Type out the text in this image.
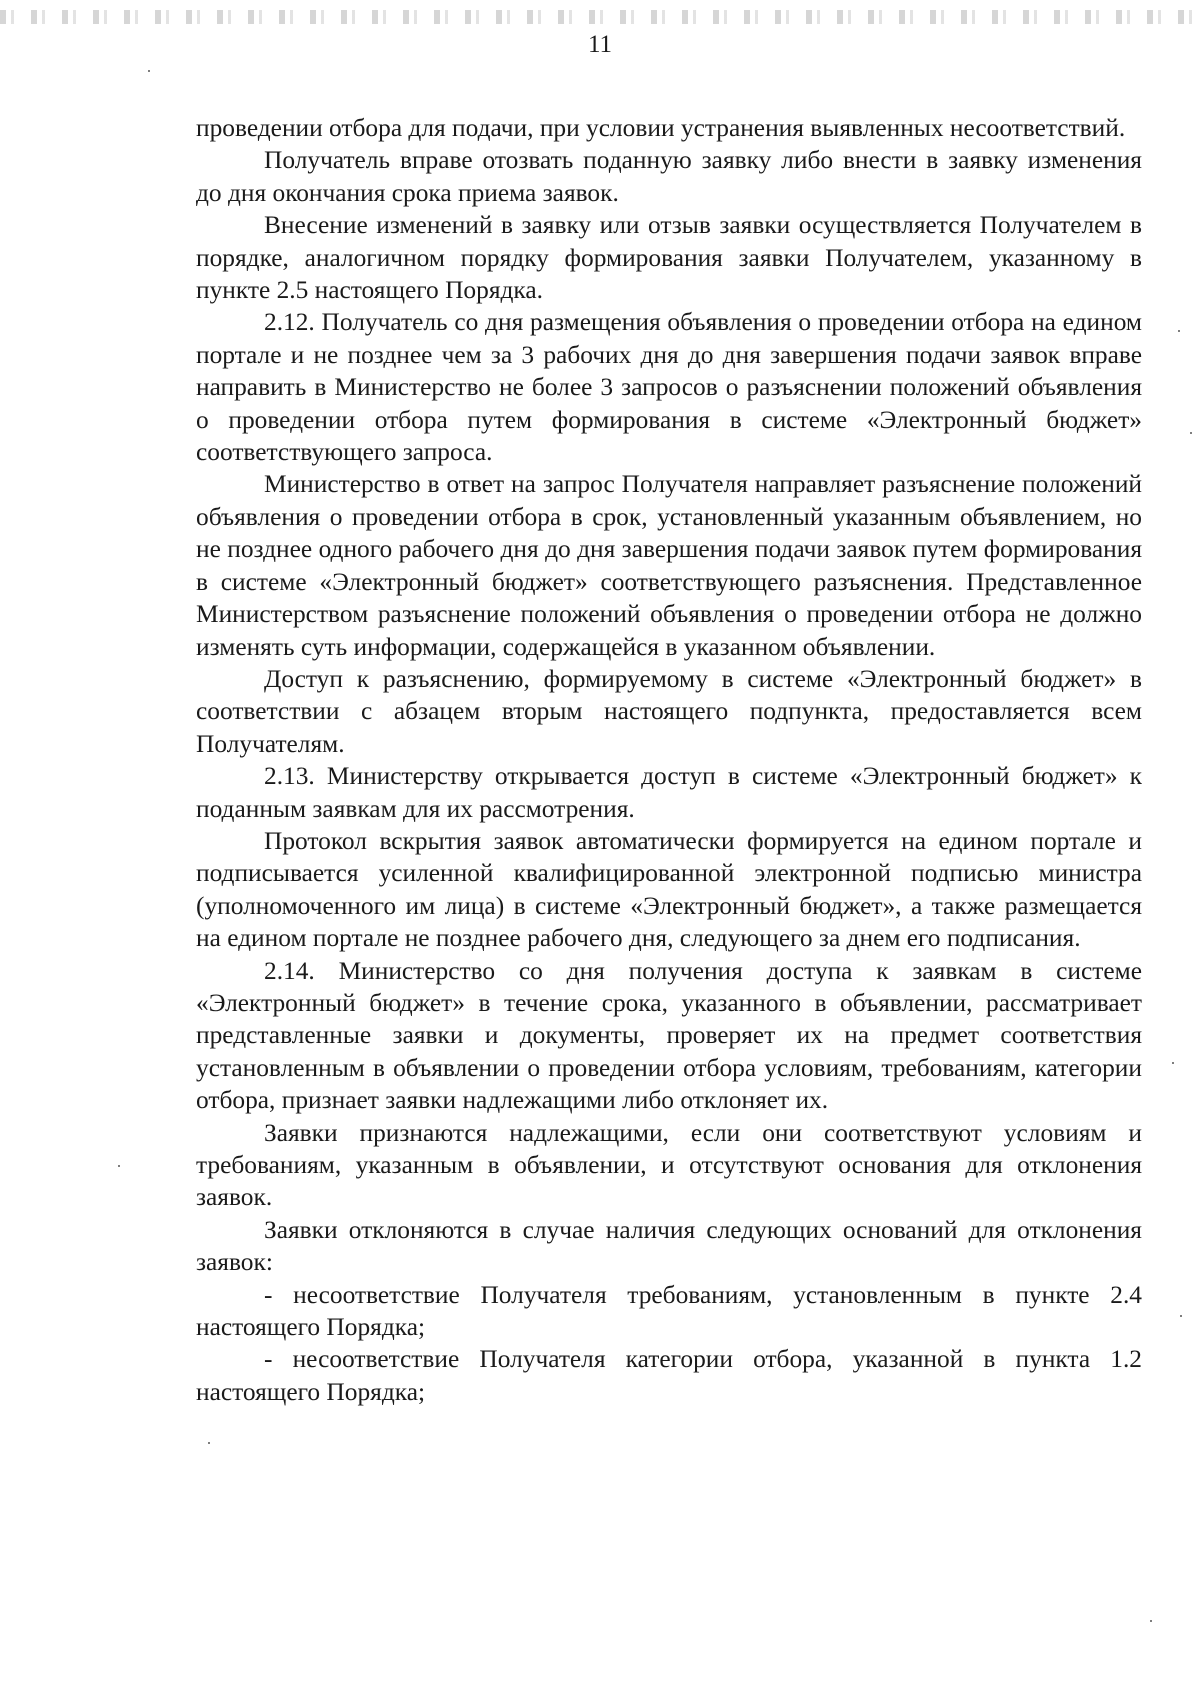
11

проведении отбора для подачи, при условии устранения выявленных несоответствий.

Получатель вправе отозвать поданную заявку либо внести в заявку изменения до дня окончания срока приема заявок.

Внесение изменений в заявку или отзыв заявки осуществляется Получателем в порядке, аналогичном порядку формирования заявки Получателем, указанному в пункте 2.5 настоящего Порядка.

2.12. Получатель со дня размещения объявления о проведении отбора на едином портале и не позднее чем за 3 рабочих дня до дня завершения подачи заявок вправе направить в Министерство не более 3 запросов о разъяснении положений объявления о проведении отбора путем формирования в системе «Электронный бюджет» соответствующего запроса.

Министерство в ответ на запрос Получателя направляет разъяснение положений объявления о проведении отбора в срок, установленный указанным объявлением, но не позднее одного рабочего дня до дня завершения подачи заявок путем формирования в системе «Электронный бюджет» соответствующего разъяснения. Представленное Министерством разъяснение положений объявления о проведении отбора не должно изменять суть информации, содержащейся в указанном объявлении.

Доступ к разъяснению, формируемому в системе «Электронный бюджет» в соответствии с абзацем вторым настоящего подпункта, предоставляется всем Получателям.

2.13. Министерству открывается доступ в системе «Электронный бюджет» к поданным заявкам для их рассмотрения.

Протокол вскрытия заявок автоматически формируется на едином портале и подписывается усиленной квалифицированной электронной подписью министра (уполномоченного им лица) в системе «Электронный бюджет», а также размещается на едином портале не позднее рабочего дня, следующего за днем его подписания.

2.14. Министерство со дня получения доступа к заявкам в системе «Электронный бюджет» в течение срока, указанного в объявлении, рассматривает представленные заявки и документы, проверяет их на предмет соответствия установленным в объявлении о проведении отбора условиям, требованиям, категории отбора, признает заявки надлежащими либо отклоняет их.

Заявки признаются надлежащими, если они соответствуют условиям и требованиям, указанным в объявлении, и отсутствуют основания для отклонения заявок.

Заявки отклоняются в случае наличия следующих оснований для отклонения заявок:

- несоответствие Получателя требованиям, установленным в пункте 2.4 настоящего Порядка;

- несоответствие Получателя категории отбора, указанной в пункта 1.2 настоящего Порядка;
